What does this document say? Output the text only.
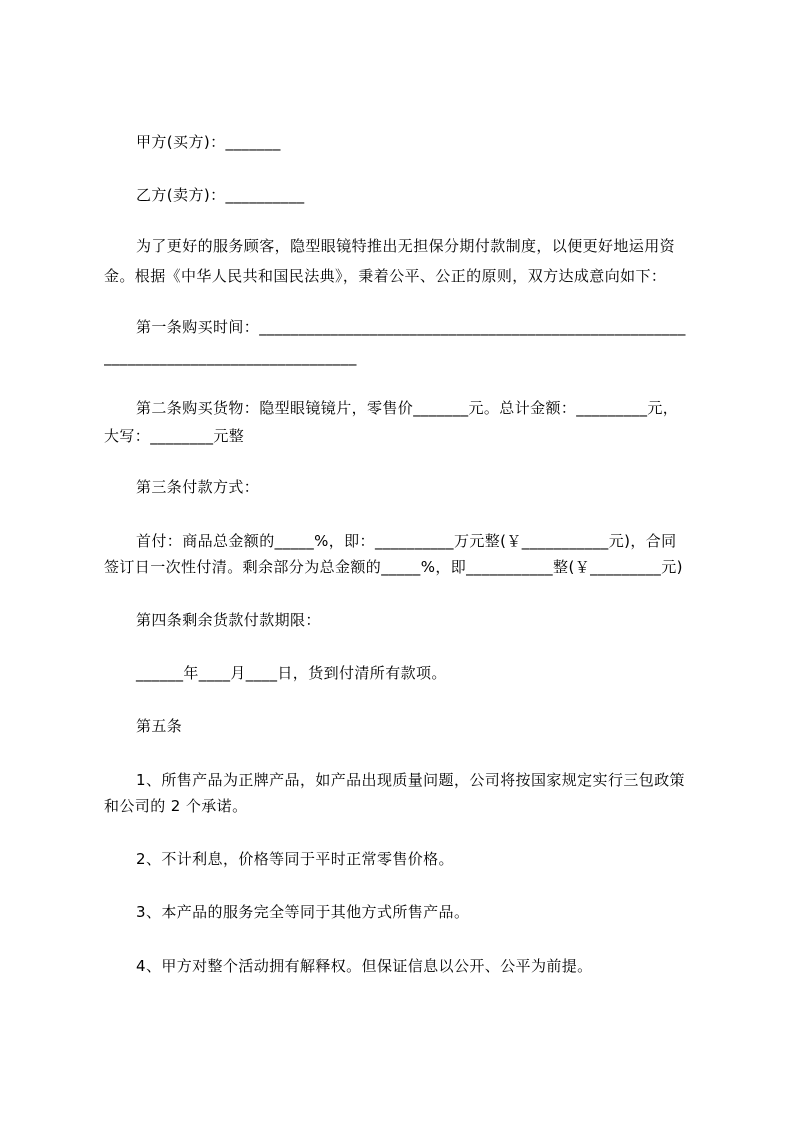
甲方(买方)：_______
乙方(卖方)：__________
为了更好的服务顾客，隐型眼镜特推出无担保分期付款制度，以便更好地运用资
金。根据《中华人民共和国民法典》，秉着公平、公正的原则，双方达成意向如下：
第一条购买时间：______________________________________________________
________________________________
第二条购买货物：隐型眼镜镜片，零售价_______元。总计金额：_________元，
大写：________元整
第三条付款方式：
首付：商品总金额的_____%，即：__________万元整(￥___________元)，合同
签订日一次性付清。剩余部分为总金额的_____%，即___________整(￥_________元)
第四条剩余货款付款期限：
______年____月____日，货到付清所有款项。
第五条
1、所售产品为正牌产品，如产品出现质量问题，公司将按国家规定实行三包政策
和公司的 2 个承诺。
2、不计利息，价格等同于平时正常零售价格。
3、本产品的服务完全等同于其他方式所售产品。
4、甲方对整个活动拥有解释权。但保证信息以公开、公平为前提。
